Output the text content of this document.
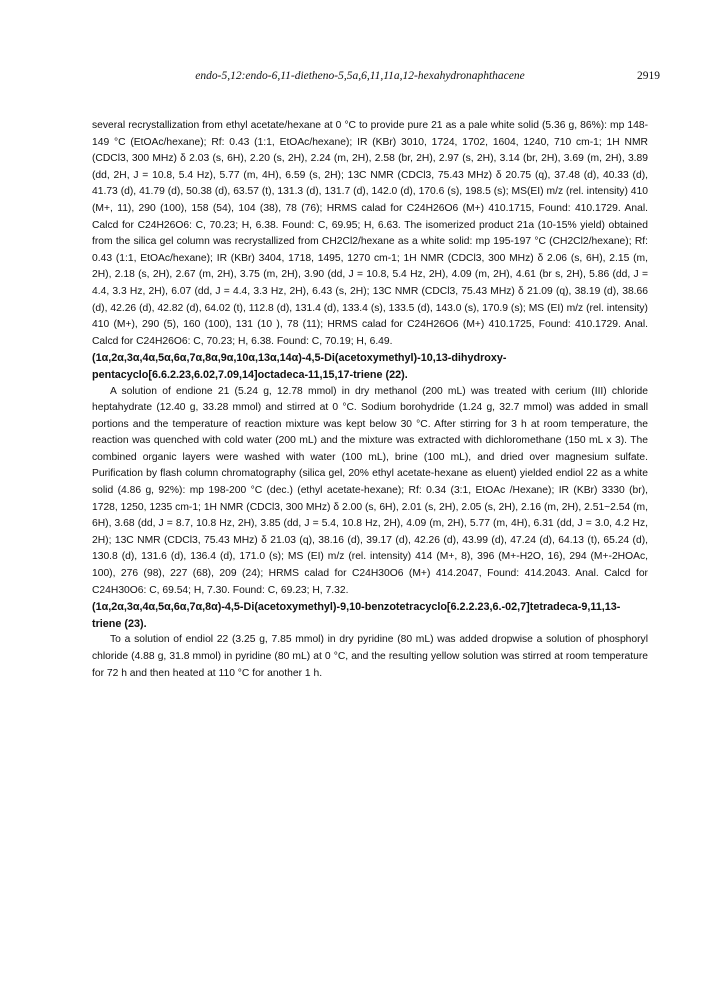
endo-5,12:endo-6,11-dietheno-5,5a,6,11,11a,12-hexahydronaphthacene	2919

several recrystallization from ethyl acetate/hexane at 0 °C to provide pure 21 as a pale white solid (5.36 g, 86%): mp 148-149 °C (EtOAc/hexane); Rf: 0.43 (1:1, EtOAc/hexane); IR (KBr) 3010, 1724, 1702, 1604, 1240, 710 cm-1; 1H NMR (CDCl3, 300 MHz) δ 2.03 (s, 6H), 2.20 (s, 2H), 2.24 (m, 2H), 2.58 (br, 2H), 2.97 (s, 2H), 3.14 (br, 2H), 3.69 (m, 2H), 3.89 (dd, 2H, J = 10.8, 5.4 Hz), 5.77 (m, 4H), 6.59 (s, 2H); 13C NMR (CDCl3, 75.43 MHz) δ 20.75 (q), 37.48 (d), 40.33 (d), 41.73 (d), 41.79 (d), 50.38 (d), 63.57 (t), 131.3 (d), 131.7 (d), 142.0 (d), 170.6 (s), 198.5 (s); MS(EI) m/z (rel. intensity) 410 (M+, 11), 290 (100), 158 (54), 104 (38), 78 (76); HRMS calad for C24H26O6 (M+) 410.1715, Found: 410.1729. Anal. Calcd for C24H26O6: C, 70.23; H, 6.38. Found: C, 69.95; H, 6.63. The isomerized product 21a (10-15% yield) obtained from the silica gel column was recrystallized from CH2Cl2/hexane as a white solid: mp 195-197 °C (CH2Cl2/hexane); Rf: 0.43 (1:1, EtOAc/hexane); IR (KBr) 3404, 1718, 1495, 1270 cm-1; 1H NMR (CDCl3, 300 MHz) δ 2.06 (s, 6H), 2.15 (m, 2H), 2.18 (s, 2H), 2.67 (m, 2H), 3.75 (m, 2H), 3.90 (dd, J = 10.8, 5.4 Hz, 2H), 4.09 (m, 2H), 4.61 (br s, 2H), 5.86 (dd, J = 4.4, 3.3 Hz, 2H), 6.07 (dd, J = 4.4, 3.3 Hz, 2H), 6.43 (s, 2H); 13C NMR (CDCl3, 75.43 MHz) δ 21.09 (q), 38.19 (d), 38.66 (d), 42.26 (d), 42.82 (d), 64.02 (t), 112.8 (d), 131.4 (d), 133.4 (s), 133.5 (d), 143.0 (s), 170.9 (s); MS (EI) m/z (rel. intensity) 410 (M+), 290 (5), 160 (100), 131 (10 ), 78 (11); HRMS calad for C24H26O6 (M+) 410.1725, Found: 410.1729. Anal. Calcd for C24H26O6: C, 70.23; H, 6.38. Found: C, 70.19; H, 6.49.

(1α,2α,3α,4α,5α,6α,7α,8α,9α,10α,13α,14α)-4,5-Di(acetoxymethyl)-10,13-dihydroxy-pentacyclo[6.6.2.23,6.02,7.09,14]octadeca-11,15,17-triene (22).

A solution of endione 21 (5.24 g, 12.78 mmol) in dry methanol (200 mL) was treated with cerium (III) chloride heptahydrate (12.40 g, 33.28 mmol) and stirred at 0 °C. Sodium borohydride (1.24 g, 32.7 mmol) was added in small portions and the temperature of reaction mixture was kept below 30 °C. After stirring for 3 h at room temperature, the reaction was quenched with cold water (200 mL) and the mixture was extracted with dichloromethane (150 mL x 3). The combined organic layers were washed with water (100 mL), brine (100 mL), and dried over magnesium sulfate. Purification by flash column chromatography (silica gel, 20% ethyl acetate-hexane as eluent) yielded endiol 22 as a white solid (4.86 g, 92%): mp 198-200 °C (dec.) (ethyl acetate-hexane); Rf: 0.34 (3:1, EtOAc /Hexane); IR (KBr) 3330 (br), 1728, 1250, 1235 cm-1; 1H NMR (CDCl3, 300 MHz) δ 2.00 (s, 6H), 2.01 (s, 2H), 2.05 (s, 2H), 2.16 (m, 2H), 2.51~2.54 (m, 6H), 3.68 (dd, J = 8.7, 10.8 Hz, 2H), 3.85 (dd, J = 5.4, 10.8 Hz, 2H), 4.09 (m, 2H), 5.77 (m, 4H), 6.31 (dd, J = 3.0, 4.2 Hz, 2H); 13C NMR (CDCl3, 75.43 MHz) δ 21.03 (q), 38.16 (d), 39.17 (d), 42.26 (d), 43.99 (d), 47.24 (d), 64.13 (t), 65.24 (d), 130.8 (d), 131.6 (d), 136.4 (d), 171.0 (s); MS (EI) m/z (rel. intensity) 414 (M+, 8), 396 (M+-H2O, 16), 294 (M+-2HOAc, 100), 276 (98), 227 (68), 209 (24); HRMS calad for C24H30O6 (M+) 414.2047, Found: 414.2043. Anal. Calcd for C24H30O6: C, 69.54; H, 7.30. Found: C, 69.23; H, 7.32.

(1α,2α,3α,4α,5α,6α,7α,8α)-4,5-Di(acetoxymethyl)-9,10-benzotetracyclo[6.2.2.23,6.-02,7]tetradeca-9,11,13-triene (23).

To a solution of endiol 22 (3.25 g, 7.85 mmol) in dry pyridine (80 mL) was added dropwise a solution of phosphoryl chloride (4.88 g, 31.8 mmol) in pyridine (80 mL) at 0 °C, and the resulting yellow solution was stirred at room temperature for 72 h and then heated at 110 °C for another 1 h.
